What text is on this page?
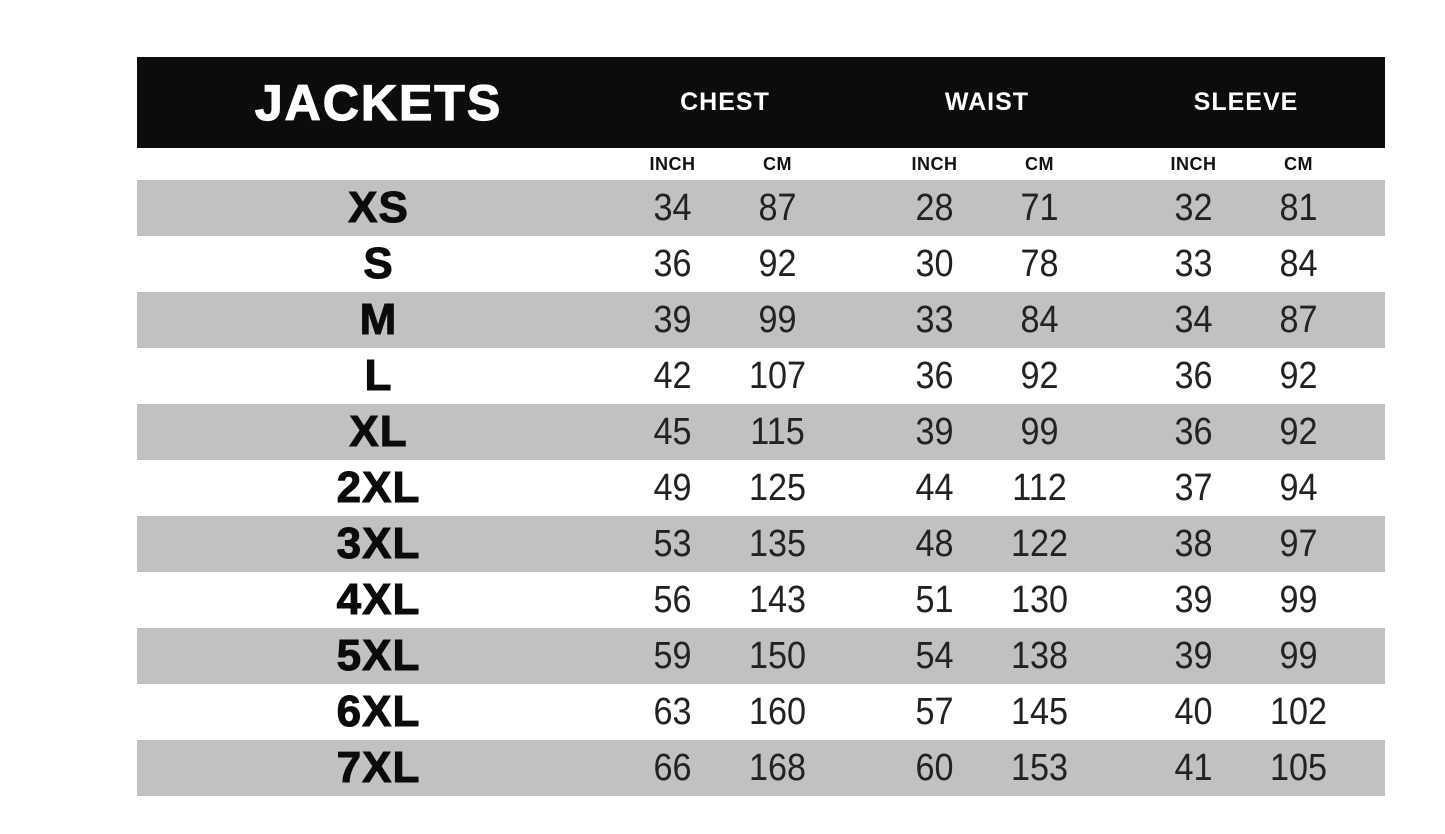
JACKETS	CHEST	WAIST	SLEEVE
INCH	CM	INCH	CM	INCH	CM
XS	34	87	28	71	32	81
S	36	92	30	78	33	84
M	39	99	33	84	34	87
L	42	107	36	92	36	92
XL	45	115	39	99	36	92
2XL	49	125	44	112	37	94
3XL	53	135	48	122	38	97
4XL	56	143	51	130	39	99
5XL	59	150	54	138	39	99
6XL	63	160	57	145	40	102
7XL	66	168	60	153	41	105
